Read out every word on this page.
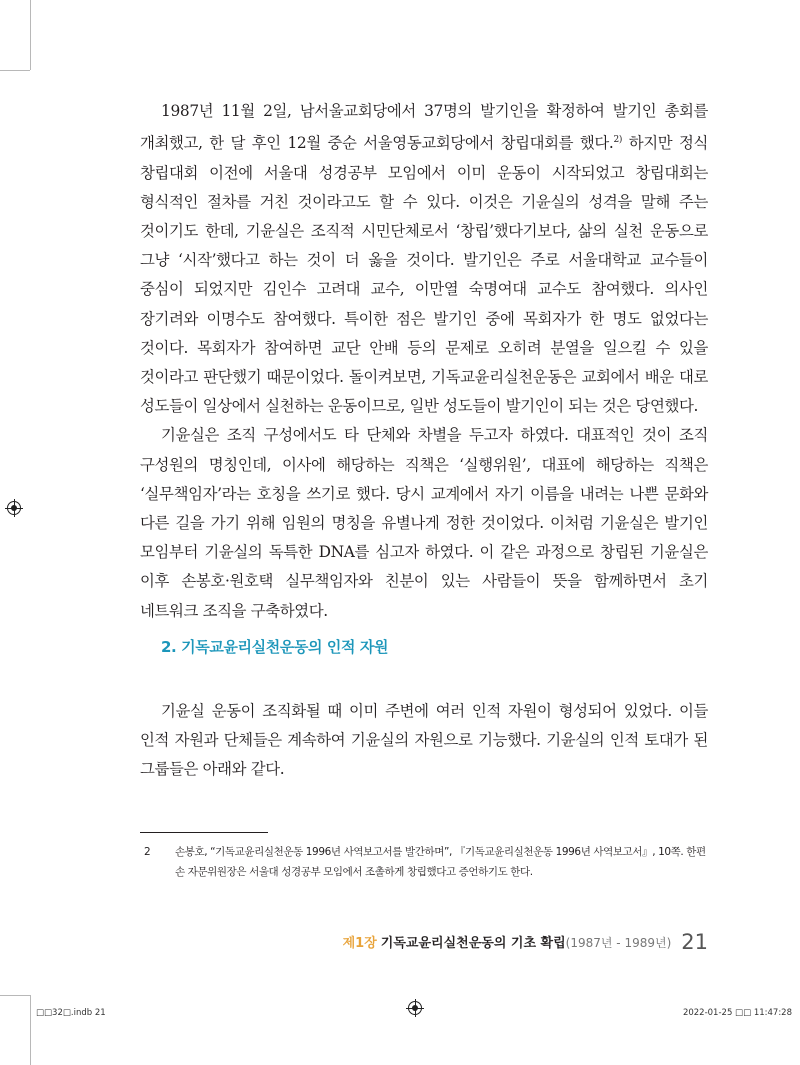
1987년 11월 2일, 남서울교회당에서 37명의 발기인을 확정하여 발기인 총회를 개최했고, 한 달 후인 12월 중순 서울영동교회당에서 창립대회를 했다.$^{2)}$ 하지만 정식 창립대회 이전에 서울대 성경공부 모임에서 이미 운동이 시작되었고 창립대회는 형식적인 절차를 거친 것이라고도 할 수 있다. 이것은 기윤실의 성격을 말해 주는 것이기도 한데, 기윤실은 조직적 시민단체로서 ‘창립’했다기보다, 삶의 실천 운동으로 그냥 ‘시작’했다고 하는 것이 더 옳을 것이다. 발기인은 주로 서울대학교 교수들이 중심이 되었지만 김인수 고려대 교수, 이만열 숙명여대 교수도 참여했다. 의사인 장기려와 이명수도 참여했다. 특이한 점은 발기인 중에 목회자가 한 명도 없었다는 것이다. 목회자가 참여하면 교단 안배 등의 문제로 오히려 분열을 일으킬 수 있을 것이라고 판단했기 때문이었다. 돌이켜보면, 기독교윤리실천운동은 교회에서 배운 대로 성도들이 일상에서 실천하는 운동이므로, 일반 성도들이 발기인이 되는 것은 당연했다.

기윤실은 조직 구성에서도 타 단체와 차별을 두고자 하였다. 대표적인 것이 조직 구성원의 명칭인데, 이사에 해당하는 직책은 ‘실행위원’, 대표에 해당하는 직책은 ‘실무책임자’라는 호칭을 쓰기로 했다. 당시 교계에서 자기 이름을 내려는 나쁜 문화와 다른 길을 가기 위해 임원의 명칭을 유별나게 정한 것이었다. 이처럼 기윤실은 발기인 모임부터 기윤실의 독특한 DNA를 심고자 하였다. 이 같은 과정으로 창립된 기윤실은 이후 손봉호·원호택 실무책임자와 친분이 있는 사람들이 뜻을 함께하면서 초기 네트워크 조직을 구축하였다.

2. 기독교윤리실천운동의 인적 자원

기윤실 운동이 조직화될 때 이미 주변에 여러 인적 자원이 형성되어 있었다. 이들 인적 자원과 단체들은 계속하여 기윤실의 자원으로 기능했다. 기윤실의 인적 토대가 된 그룹들은 아래와 같다.

2 손봉호, “기독교윤리실천운동 1996년 사역보고서를 발간하며”, 『기독교윤리실천운동 1996년 사역보고서』, 10쪽. 한편 손 자문위원장은 서울대 성경공부 모임에서 조촐하게 창립했다고 증언하기도 한다.
제1장 기독교윤리실천운동의 기초 확립(1987년 - 1989년) 21
□□32□.indb 21	2022-01-25 □□ 11:47:28
